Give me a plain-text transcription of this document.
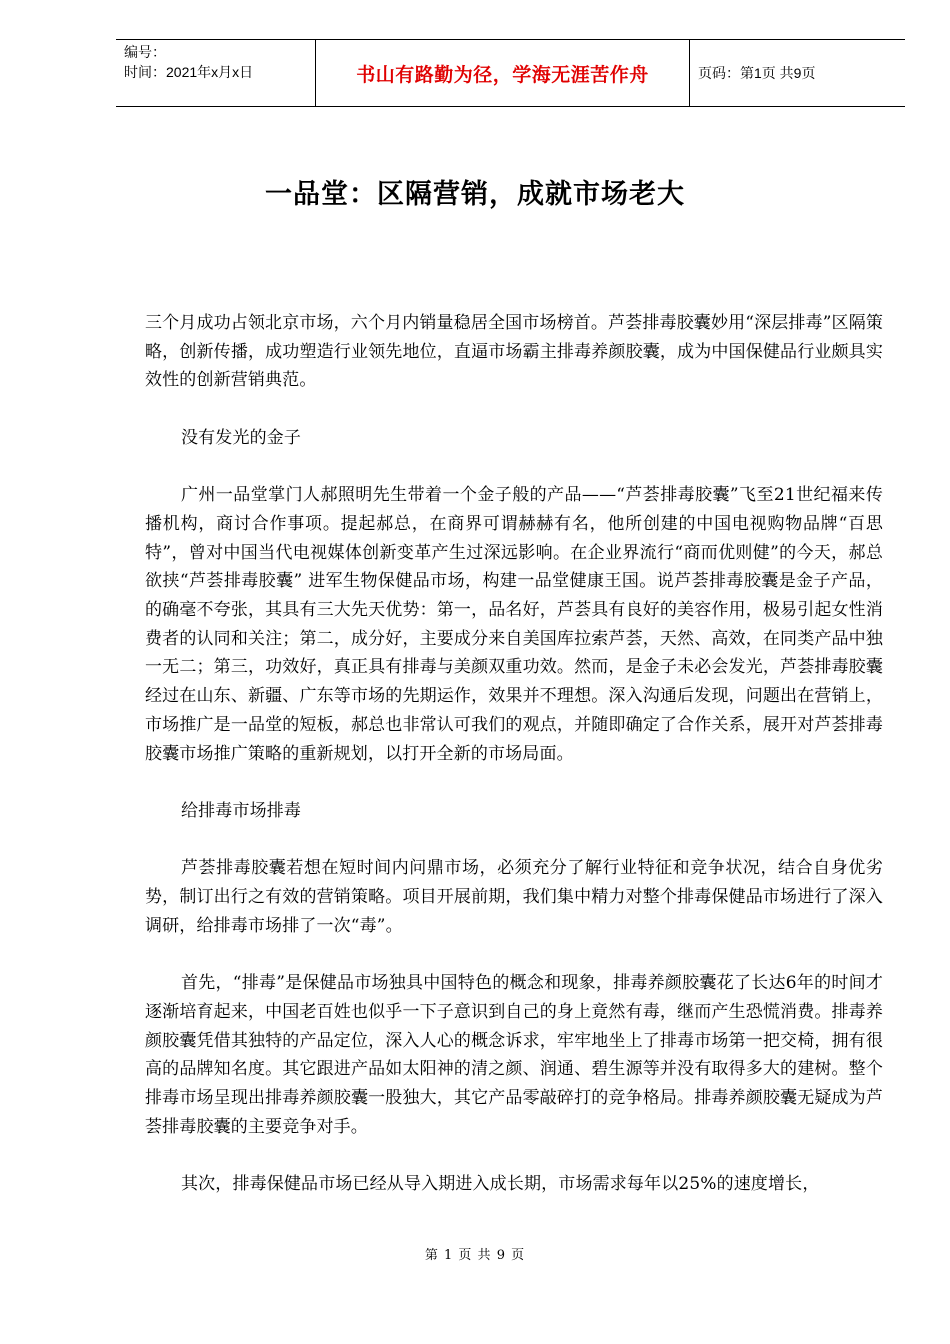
编号：
时间：2021年x月x日	书山有路勤为径，学海无涯苦作舟	页码：第1页 共9页
一品堂：区隔营销，成就市场老大

三个月成功占领北京市场，六个月内销量稳居全国市场榜首。芦荟排毒胶囊妙用“深层排毒”区隔策略，创新传播，成功塑造行业领先地位，直逼市场霸主排毒养颜胶囊，成为中国保健品行业颇具实效性的创新营销典范。

没有发光的金子

广州一品堂掌门人郝照明先生带着一个金子般的产品——“芦荟排毒胶囊”飞至21世纪福来传播机构，商讨合作事项。提起郝总，在商界可谓赫赫有名，他所创建的中国电视购物品牌“百思特”，曾对中国当代电视媒体创新变革产生过深远影响。在企业界流行“商而优则健”的今天，郝总欲挟“芦荟排毒胶囊” 进军生物保健品市场，构建一品堂健康王国。说芦荟排毒胶囊是金子产品，的确毫不夸张，其具有三大先天优势：第一，品名好，芦荟具有良好的美容作用，极易引起女性消费者的认同和关注；第二，成分好，主要成分来自美国库拉索芦荟，天然、高效，在同类产品中独一无二；第三，功效好，真正具有排毒与美颜双重功效。然而，是金子未必会发光，芦荟排毒胶囊经过在山东、新疆、广东等市场的先期运作，效果并不理想。深入沟通后发现，问题出在营销上，市场推广是一品堂的短板，郝总也非常认可我们的观点，并随即确定了合作关系，展开对芦荟排毒胶囊市场推广策略的重新规划，以打开全新的市场局面。

给排毒市场排毒

芦荟排毒胶囊若想在短时间内问鼎市场，必须充分了解行业特征和竞争状况，结合自身优劣势，制订出行之有效的营销策略。项目开展前期，我们集中精力对整个排毒保健品市场进行了深入调研，给排毒市场排了一次“毒”。

首先，“排毒”是保健品市场独具中国特色的概念和现象，排毒养颜胶囊花了长达6年的时间才逐渐培育起来，中国老百姓也似乎一下子意识到自己的身上竟然有毒，继而产生恐慌消费。排毒养颜胶囊凭借其独特的产品定位，深入人心的概念诉求，牢牢地坐上了排毒市场第一把交椅，拥有很高的品牌知名度。其它跟进产品如太阳神的清之颜、润通、碧生源等并没有取得多大的建树。整个排毒市场呈现出排毒养颜胶囊一股独大，其它产品零敲碎打的竞争格局。排毒养颜胶囊无疑成为芦荟排毒胶囊的主要竞争对手。

其次，排毒保健品市场已经从导入期进入成长期，市场需求每年以25%的速度增长，

第 1 页 共 9 页
